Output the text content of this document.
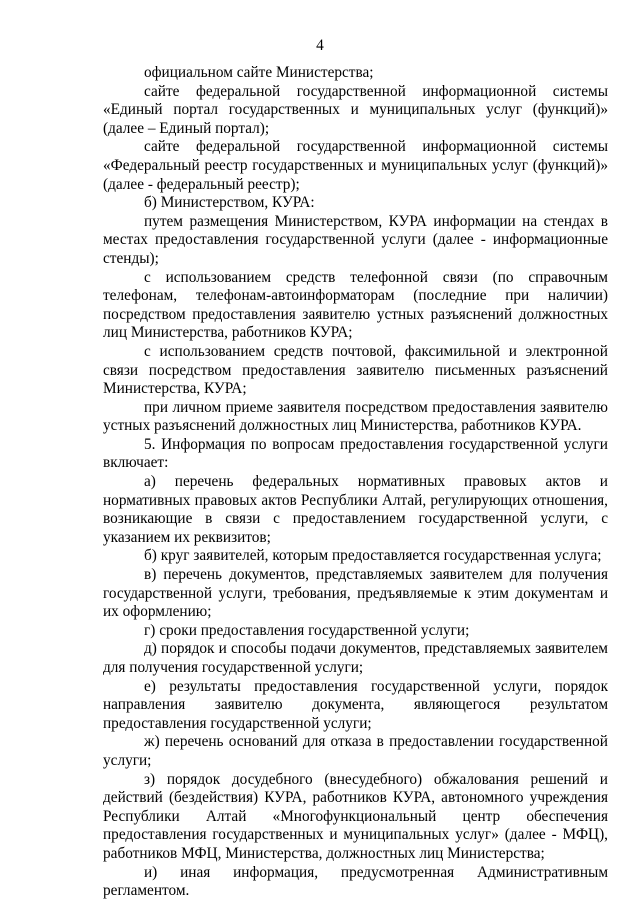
4

официальном сайте Министерства;

сайте федеральной государственной информационной системы «Единый портал государственных и муниципальных услуг (функций)» (далее – Единый портал);

сайте федеральной государственной информационной системы «Федеральный реестр государственных и муниципальных услуг (функций)» (далее - федеральный реестр);

б) Министерством, КУРА:

путем размещения Министерством, КУРА информации на стендах в местах предоставления государственной услуги (далее - информационные стенды);

с использованием средств телефонной связи (по справочным телефонам, телефонам-автоинформаторам (последние при наличии) посредством предоставления заявителю устных разъяснений должностных лиц Министерства, работников КУРА;

с использованием средств почтовой, факсимильной и электронной связи посредством предоставления заявителю письменных разъяснений Министерства, КУРА;

при личном приеме заявителя посредством предоставления заявителю устных разъяснений должностных лиц Министерства, работников КУРА.

5. Информация по вопросам предоставления государственной услуги включает:

а) перечень федеральных нормативных правовых актов и нормативных правовых актов Республики Алтай, регулирующих отношения, возникающие в связи с предоставлением государственной услуги, с указанием их реквизитов;

б) круг заявителей, которым предоставляется государственная услуга;

в) перечень документов, представляемых заявителем для получения государственной услуги, требования, предъявляемые к этим документам и их оформлению;

г) сроки предоставления государственной услуги;

д) порядок и способы подачи документов, представляемых заявителем для получения государственной услуги;

е) результаты предоставления государственной услуги, порядок направления заявителю документа, являющегося результатом предоставления государственной услуги;

ж) перечень оснований для отказа в предоставлении государственной услуги;

з) порядок досудебного (внесудебного) обжалования решений и действий (бездействия) КУРА, работников КУРА, автономного учреждения Республики Алтай «Многофункциональный центр обеспечения предоставления государственных и муниципальных услуг» (далее - МФЦ), работников МФЦ, Министерства, должностных лиц Министерства;

и) иная информация, предусмотренная Административным регламентом.
